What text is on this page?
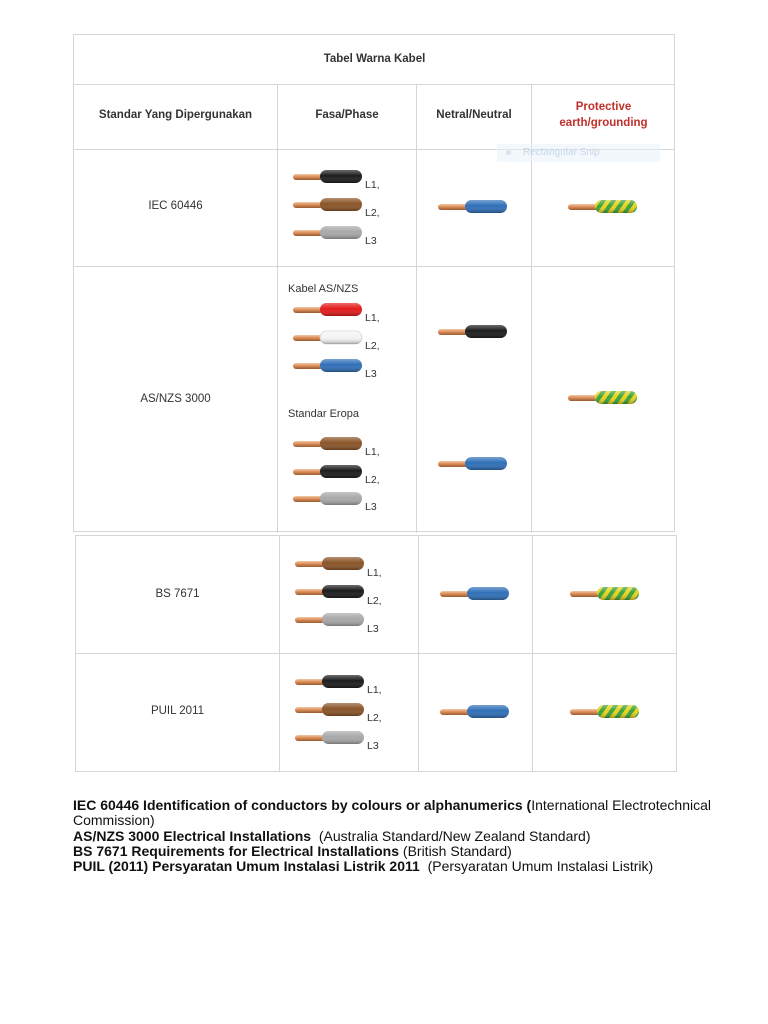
Tabel Warna Kabel
Standar Yang Dipergunakan	Fasa/Phase	Netral/Neutral
Protective
earth/grounding
IEC 60446
AS/NZS 3000
BS 7671
PUIL 2011
Rectangular Snip
Kabel AS/NZS
Standar Eropa
L1,
L2,
L3
L1,
L2,
L3
L1,
L2,
L3
L1,
L2,
L3
L1,
L2,
L3

IEC 60446 Identification of conductors by colours or alphanumerics (International Electrotechnical Commission)

AS/NZS 3000 Electrical Installations  (Australia Standard/New Zealand Standard)

BS 7671 Requirements for Electrical Installations (British Standard)

PUIL (2011) Persyaratan Umum Instalasi Listrik 2011  (Persyaratan Umum Instalasi Listrik)
